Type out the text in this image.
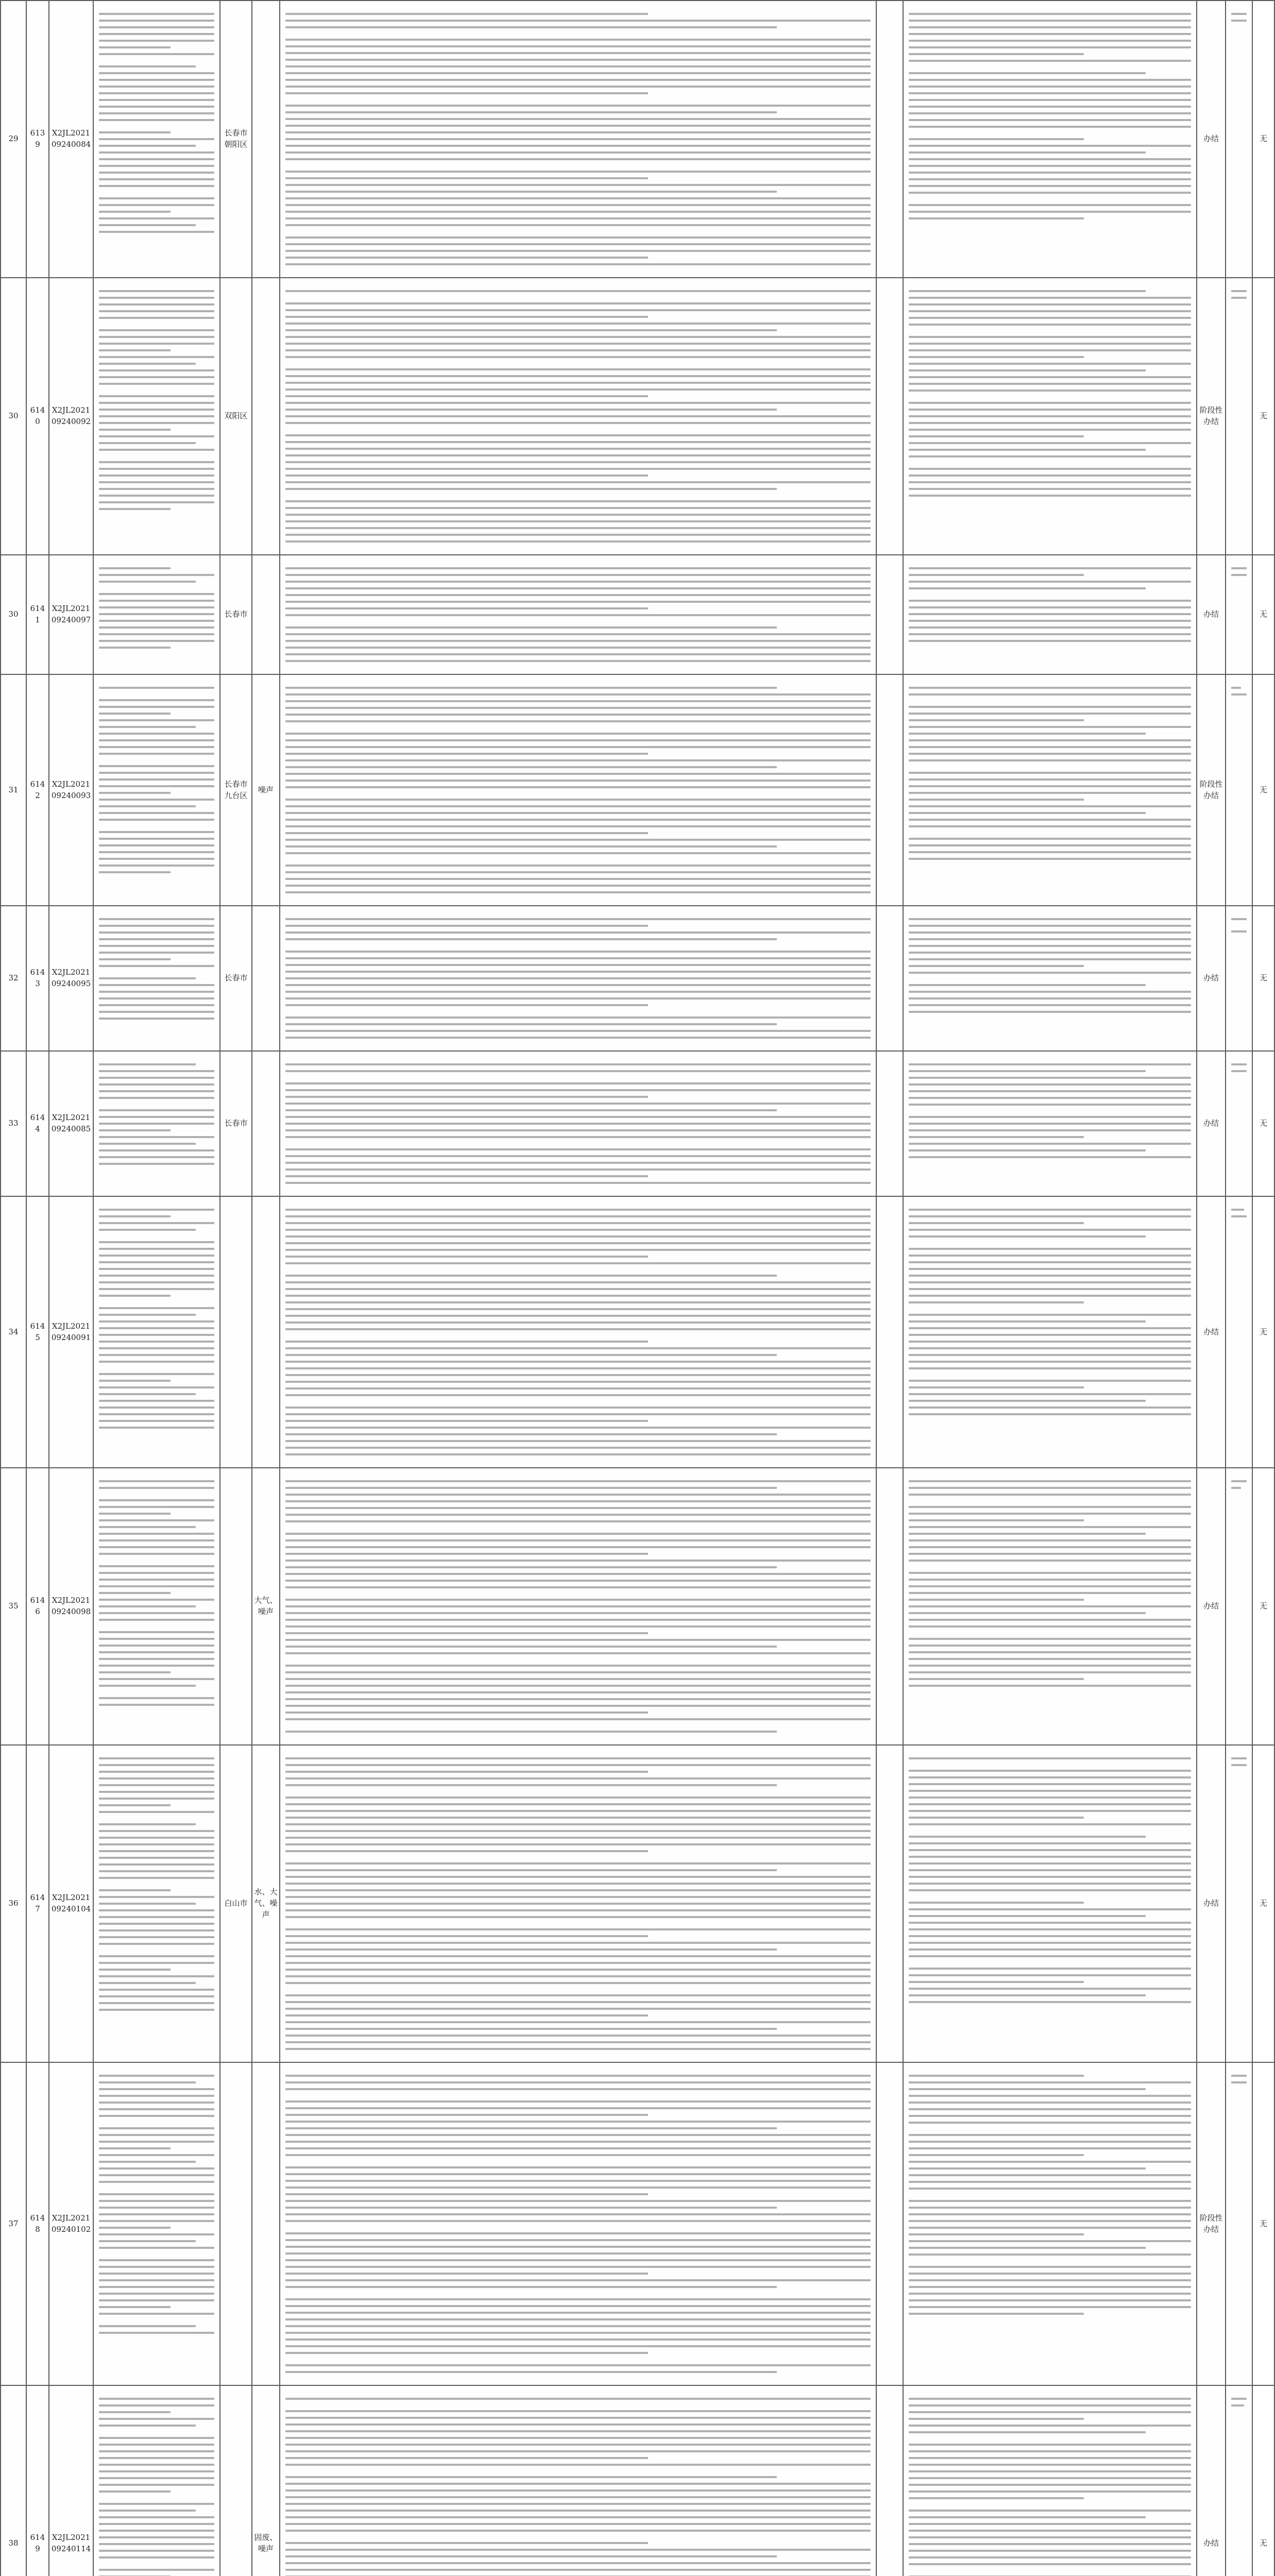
29	6139	X2JL202109240084		长春市朝阳区					办结		无

30	6140	X2JL202109240092		双阳区					阶段性办结		无

30	6141	X2JL202109240097		长春市					办结		无

31	6142	X2JL202109240093		长春市九台区	噪声				阶段性办结		无

32	6143	X2JL202109240095		长春市					办结		无

33	6144	X2JL202109240085		长春市					办结		无

34	6145	X2JL202109240091							办结		无

35	6146	X2JL202109240098			大气、噪声				办结		无

36	6147	X2JL202109240104		白山市	水、大气、噪声				办结		无

37	6148	X2JL202109240102							阶段性办结		无

38	6149	X2JL202109240114			固废、噪声				办结		无
